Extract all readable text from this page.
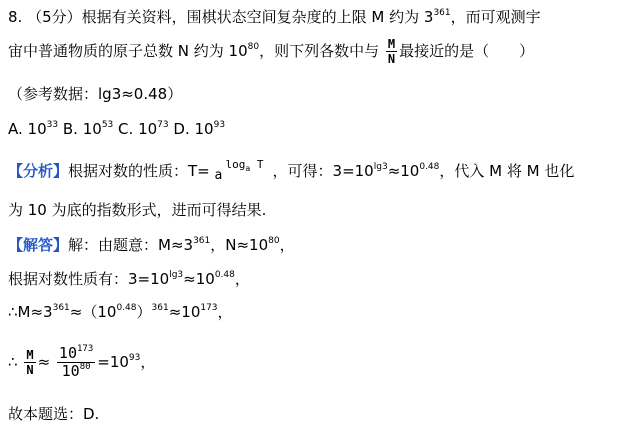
8. （5分）根据有关资料，围棋状态空间复杂度的上限 M 约为 $3^{361}$，而可观测宇
宙中普通物质的原子总数 N 约为 $10^{80}$，则下列各数中与 $\frac{M}{N}$ 最接近的是（　　）
（参考数据：lg3≈0.48）
A. $10^{33}$ B. $10^{53}$ C. $10^{73}$ D. $10^{93}$
【分析】根据对数的性质：T= a
$\log_a T$ ，可得：$3=10^{lg3}\approx 10^{0.48}$，代入 M 将 M 也化
为 10 为底的指数形式，进而可得结果.
【解答】解：由题意：$M\approx 3^{361}$，$N\approx 10^{80}$，
根据对数性质有：$3=10^{lg3}\approx 10^{0.48}$，
$\therefore M\approx 3^{361}\approx(10^{0.48})^{361}\approx 10^{173}$，
∴ $\frac{M}{N} \approx \frac{10^{173}}{10^{80}} =10^{93}$，
故本题选：D.
